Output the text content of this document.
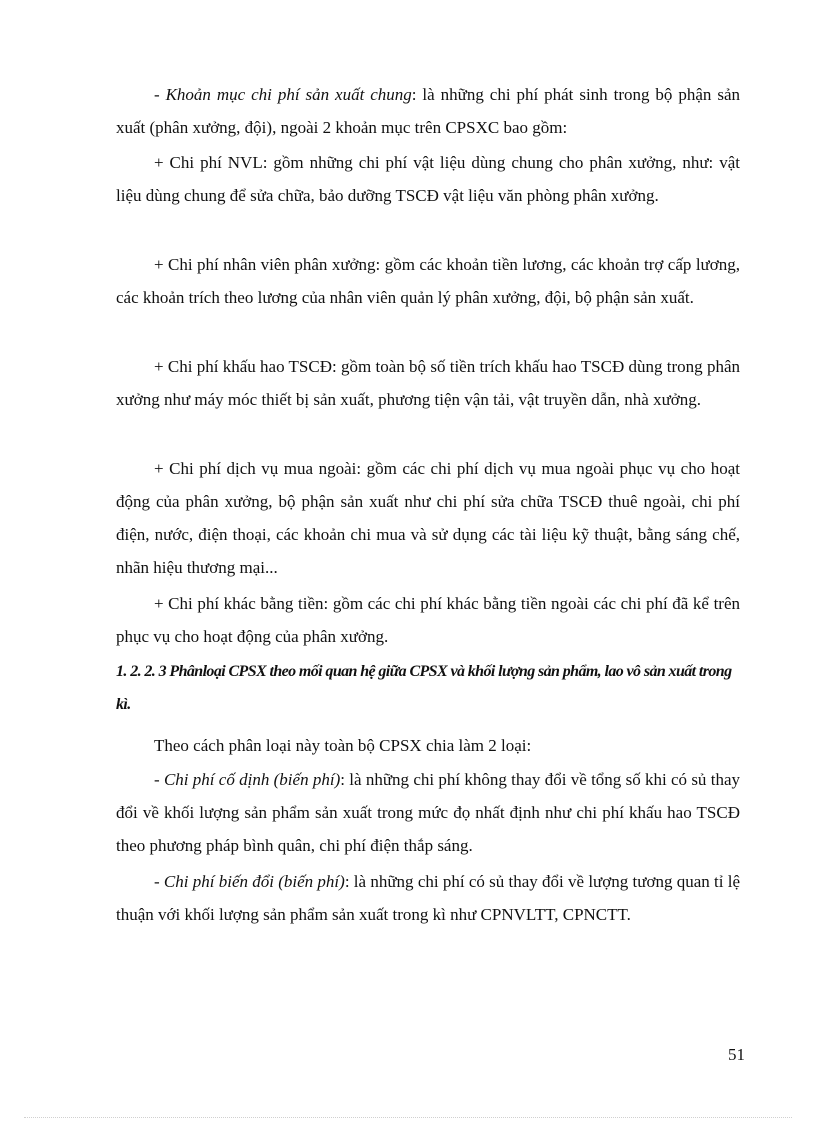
- Khoản mục chi phí sản xuất chung: là những chi phí phát sinh trong bộ phận sản xuất (phân xưởng, đội), ngoài 2 khoản mục trên CPSXC bao gồm:

+ Chi phí NVL: gồm những chi phí vật liệu dùng chung cho phân xưởng, như: vật liệu dùng chung để sửa chữa, bảo dưỡng TSCĐ vật liệu văn phòng phân xưởng.

+ Chi phí nhân viên phân xưởng: gồm các khoản tiền lương, các khoản trợ cấp lương, các khoản trích theo lương của nhân viên quản lý phân xưởng, đội, bộ phận sản xuất.

+ Chi phí khấu hao TSCĐ: gồm toàn bộ số tiền trích khấu hao TSCĐ dùng trong phân xưởng như máy móc thiết bị sản xuất, phương tiện vận tải, vật truyền dẫn, nhà xưởng.

+ Chi phí dịch vụ mua ngoài: gồm các chi phí dịch vụ mua ngoài phục vụ cho hoạt động của phân xưởng, bộ phận sản xuất như chi phí sửa chữa TSCĐ thuê ngoài, chi phí điện, nước, điện thoại, các khoản chi mua và sử dụng các tài liệu kỹ thuật, bằng sáng chế, nhãn hiệu thương mại...

+ Chi phí khác bằng tiền: gồm các chi phí khác bằng tiền ngoài các chi phí đã kể trên phục vụ cho hoạt động của phân xưởng.

1. 2. 2. 3 Phânloại CPSX theo mối quan hệ giữa CPSX và khối lượng sản phẩm, lao vô sản xuất trong kì.

Theo cách phân loại này toàn bộ CPSX chia làm 2 loại:

- Chi phí cố dịnh (biến phí): là những chi phí không thay đổi về tổng số khi có sủ thay đổi về khối lượng sản phẩm sản xuất trong mức đọ nhất định như chi phí khấu hao TSCĐ theo phương pháp bình quân, chi phí điện thắp sáng.

- Chi phí biến đổi (biến phí): là những chi phí có sủ thay đổi về lượng tương quan tỉ lệ thuận với khối lượng sản phẩm sản xuất trong kì như CPNVLTT, CPNCTT.

51
